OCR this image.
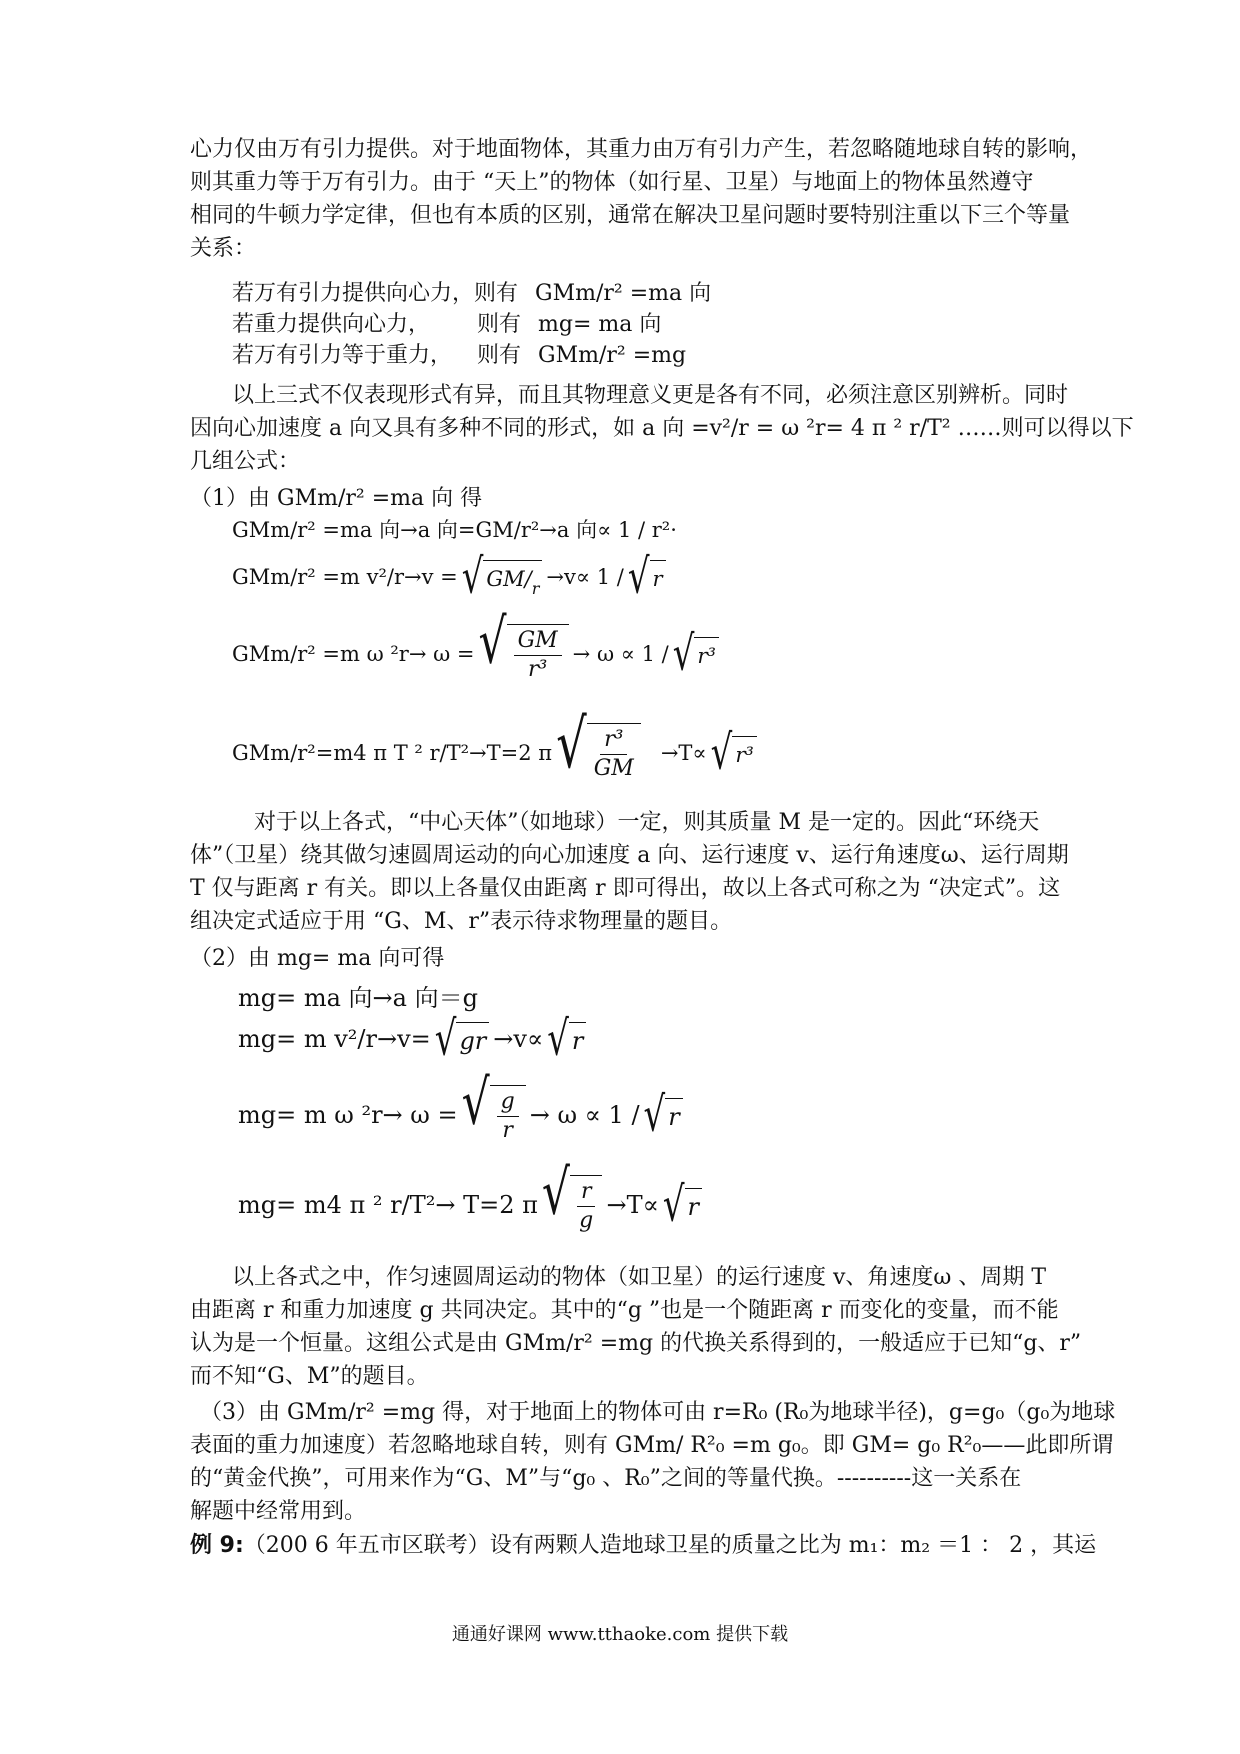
心力仅由万有引力提供。对于地面物体，其重力由万有引力产生，若忽略随地球自转的影响，
则其重力等于万有引力。由于 “天上”的物体（如行星、卫星）与地面上的物体虽然遵守
相同的牛顿力学定律，但也有本质的区别，通常在解决卫星问题时要特别注重以下三个等量
关系：
若万有引力提供向心力，则有 GMm/r² =ma 向
若重力提供向心力， 则有 mg= ma 向
若万有引力等于重力， 则有 GMm/r² =mg
以上三式不仅表现形式有异，而且其物理意义更是各有不同，必须注意区别辨析。同时
因向心加速度 a 向又具有多种不同的形式，如 a 向 =v²/r = ω ²r= 4 π ² r/T² ……则可以得以下
几组公式：
（1）由 GMm/r² =ma 向 得
GMm/r² =ma 向→a 向=GM/r²→a 向∝ 1 / r²·
GMm/r² =m v²/r→v = √ GM / r →v∝ 1 / √ r
GMm/r² =m ω ²r→ ω = √ $\frac{GM}{\text{r³}} \to \omega \propto 1$ / √ r³
GMm/r²=m4 π T ² r/T²→T=2 π √ $\frac{\text{r³}}{GM} \to T\propto$ √ r³
对于以上各式，“中心天体”（如地球）一定，则其质量 M 是一定的。因此“环绕天
体”（卫星）绕其做匀速圆周运动的向心加速度 a 向、运行速度 v、运行角速度ω、运行周期
T 仅与距离 r 有关。即以上各量仅由距离 r 即可得出，故以上各式可称之为 “决定式”。这
组决定式适应于用 “G、M、r”表示待求物理量的题目。
（2）由 mg= ma 向可得
mg= ma 向→a 向＝g
mg= m v²/r→v= √ gr →v∝ √ r
mg= m ω ²r→ ω = √ $\frac{g}{r} \to \omega \propto 1$ / √ r
mg= m4 π ² r/T²→ T=2 π √ $\frac{r}{g} \to T\propto$ √ r
以上各式之中，作匀速圆周运动的物体（如卫星）的运行速度 v、角速度ω 、周期 T
由距离 r 和重力加速度 g 共同决定。其中的“g ”也是一个随距离 r 而变化的变量，而不能
认为是一个恒量。这组公式是由 GMm/r² =mg 的代换关系得到的，一般适应于已知“g、r”
而不知“G、M”的题目。
（3）由 GMm/r² =mg 得，对于地面上的物体可由 r=R₀ (R₀为地球半径)，g=g₀（g₀为地球
表面的重力加速度）若忽略地球自转，则有 GMm/ R²₀ =m g₀。即 GM= g₀ R²₀——此即所谓
的“黄金代换”，可用来作为“G、M”与“g₀ 、R₀”之间的等量代换。----------这一关系在
解题中经常用到。
例 9:（200 6 年五市区联考）设有两颗人造地球卫星的质量之比为 m₁：m₂ ＝1 ： 2 ，其运
通通好课网 www.tthaoke.com 提供下载
